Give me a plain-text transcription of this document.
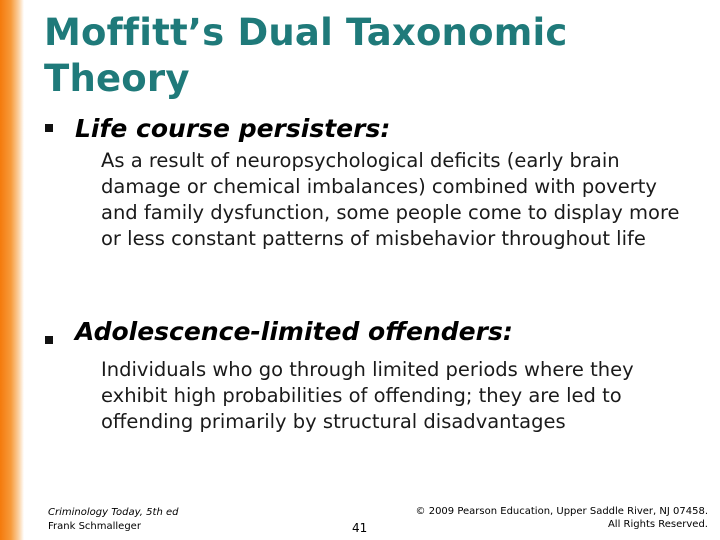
Moffitt’s Dual Taxonomic Theory

Life course persisters:

As a result of neuropsychological deficits (early brain damage or chemical imbalances) combined with poverty and family dysfunction, some people come to display more or less constant patterns of misbehavior throughout life

Adolescence-limited offenders:

Individuals who go through limited periods where they exhibit high probabilities of offending; they are led to offending primarily by structural disadvantages

Criminology Today, 5th ed
Frank Schmalleger	41
© 2009 Pearson Education, Upper Saddle River, NJ 07458.
All Rights Reserved.
